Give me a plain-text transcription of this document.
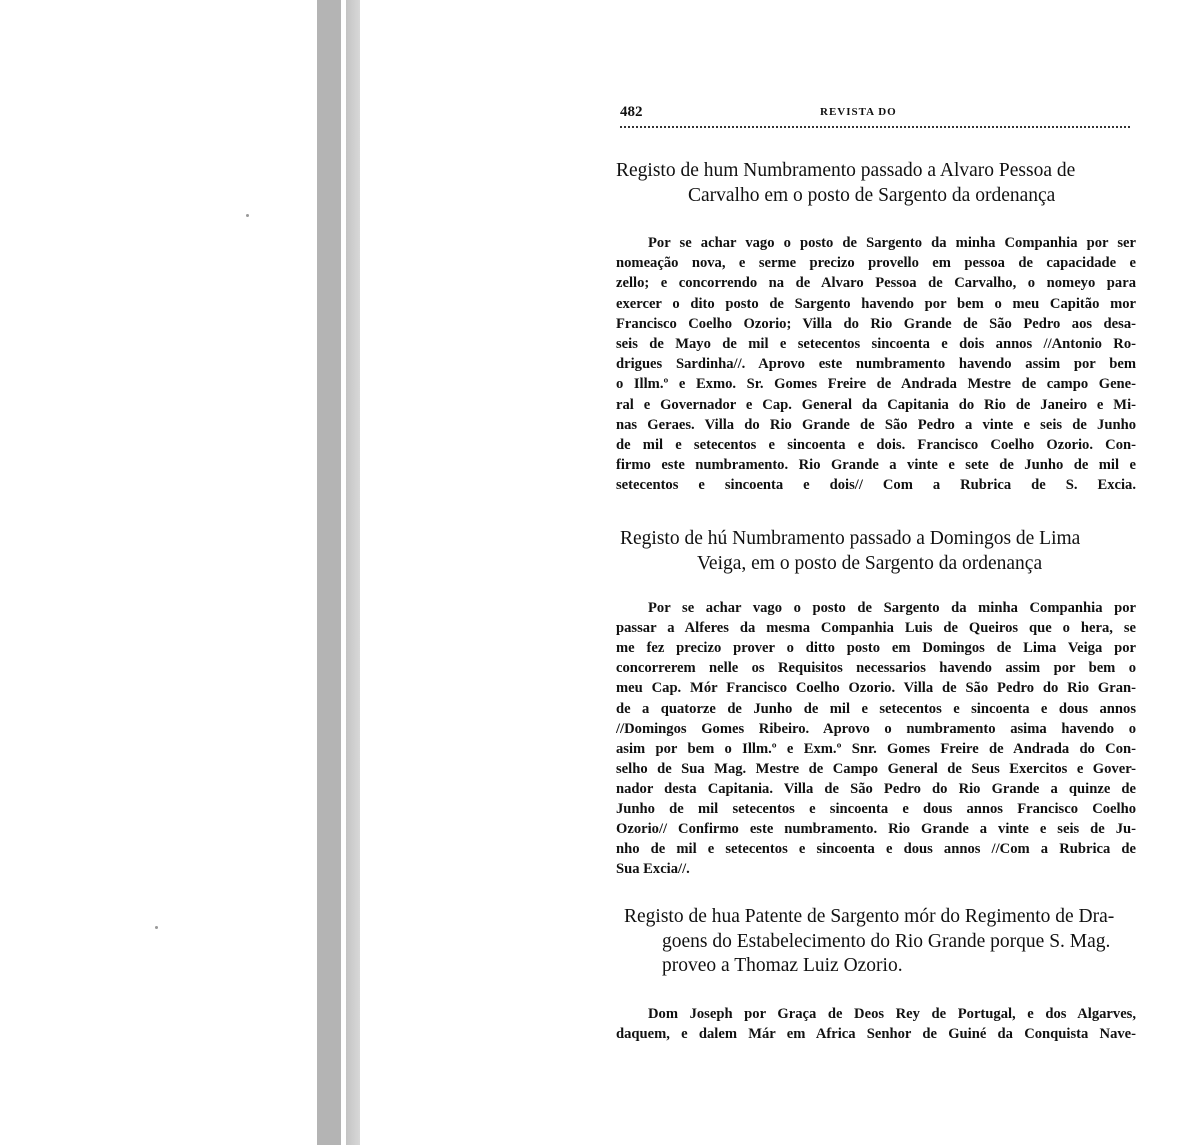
482	REVISTA DO
Registo de hum Numbramento passado a Alvaro Pessoa de
Carvalho em o posto de Sargento da ordenança
Por se achar vago o posto de Sargento da minha Companhia por ser
nomeação nova, e serme precizo provello em pessoa de capacidade e
zello; e concorrendo na de Alvaro Pessoa de Carvalho, o nomeyo para
exercer o dito posto de Sargento havendo por bem o meu Capitão mor
Francisco Coelho Ozorio; Villa do Rio Grande de São Pedro aos desa-
seis de Mayo de mil e setecentos sincoenta e dois annos //Antonio Ro-
drigues Sardinha//. Aprovo este numbramento havendo assim por bem
o Illm.º e Exmo. Sr. Gomes Freire de Andrada Mestre de campo Gene-
ral e Governador e Cap. General da Capitania do Rio de Janeiro e Mi-
nas Geraes. Villa do Rio Grande de São Pedro a vinte e seis de Junho
de mil e setecentos e sincoenta e dois. Francisco Coelho Ozorio. Con-
firmo este numbramento. Rio Grande a vinte e sete de Junho de mil e
setecentos e sincoenta e dois// Com a Rubrica de S. Excia.
Registo de hú Numbramento passado a Domingos de Lima
Veiga, em o posto de Sargento da ordenança
Por se achar vago o posto de Sargento da minha Companhia por
passar a Alferes da mesma Companhia Luis de Queiros que o hera, se
me fez precizo prover o ditto posto em Domingos de Lima Veiga por
concorrerem nelle os Requisitos necessarios havendo assim por bem o
meu Cap. Mór Francisco Coelho Ozorio. Villa de São Pedro do Rio Gran-
de a quatorze de Junho de mil e setecentos e sincoenta e dous annos
//Domingos Gomes Ribeiro. Aprovo o numbramento asima havendo o
asim por bem o Illm.º e Exm.º Snr. Gomes Freire de Andrada do Con-
selho de Sua Mag. Mestre de Campo General de Seus Exercitos e Gover-
nador desta Capitania. Villa de São Pedro do Rio Grande a quinze de
Junho de mil setecentos e sincoenta e dous annos Francisco Coelho
Ozorio// Confirmo este numbramento. Rio Grande a vinte e seis de Ju-
nho de mil e setecentos e sincoenta e dous annos //Com a Rubrica de
Sua Excia//.
Registo de hua Patente de Sargento mór do Regimento de Dra-
goens do Estabelecimento do Rio Grande porque S. Mag.
proveo a Thomaz Luiz Ozorio.
Dom Joseph por Graça de Deos Rey de Portugal, e dos Algarves,
daquem, e dalem Már em Africa Senhor de Guiné da Conquista Nave-
